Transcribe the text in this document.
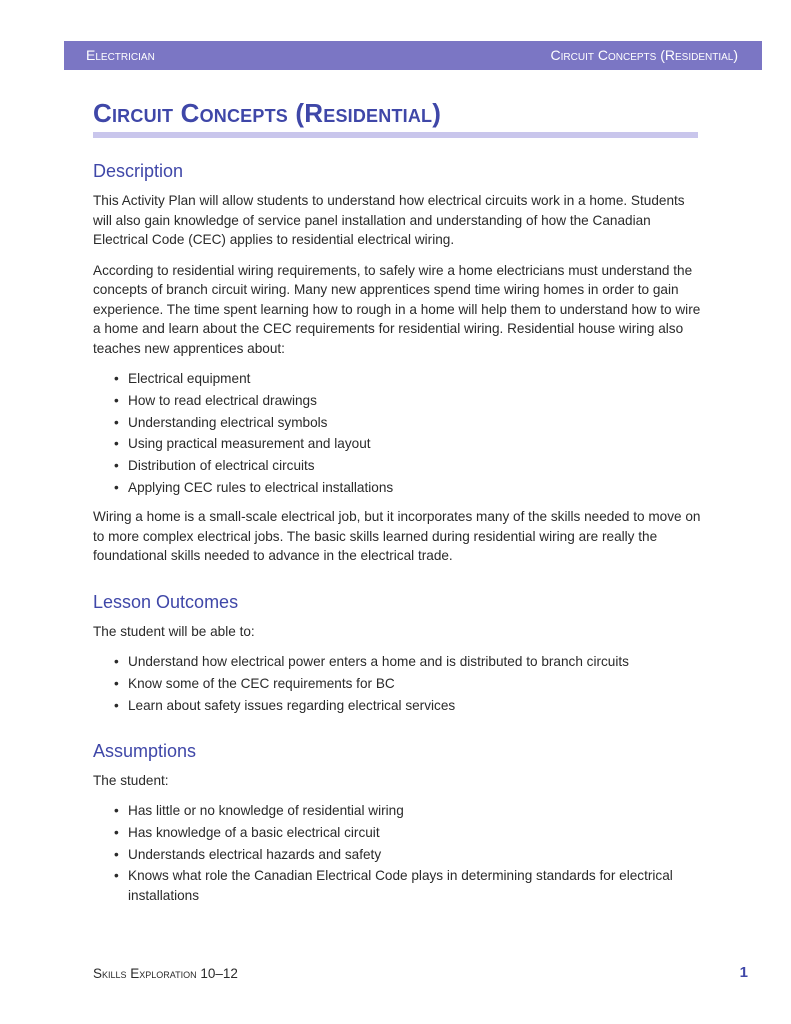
Electrician	Circuit Concepts (Residential)
Circuit Concepts (Residential)
Description

This Activity Plan will allow students to understand how electrical circuits work in a home. Students will also gain knowledge of service panel installation and understanding of how the Canadian Electrical Code (CEC) applies to residential electrical wiring.

According to residential wiring requirements, to safely wire a home electricians must understand the concepts of branch circuit wiring. Many new apprentices spend time wiring homes in order to gain experience. The time spent learning how to rough in a home will help them to understand how to wire a home and learn about the CEC requirements for residential wiring. Residential house wiring also teaches new apprentices about:

• Electrical equipment
• How to read electrical drawings
• Understanding electrical symbols
• Using practical measurement and layout
• Distribution of electrical circuits
• Applying CEC rules to electrical installations

Wiring a home is a small-scale electrical job, but it incorporates many of the skills needed to move on to more complex electrical jobs. The basic skills learned during residential wiring are really the foundational skills needed to advance in the electrical trade.

Lesson Outcomes

The student will be able to:

• Understand how electrical power enters a home and is distributed to branch circuits
• Know some of the CEC requirements for BC
• Learn about safety issues regarding electrical services
Assumptions

The student:

• Has little or no knowledge of residential wiring
• Has knowledge of a basic electrical circuit
• Understands electrical hazards and safety
• Knows what role the Canadian Electrical Code plays in determining standards for electrical installations
Skills Exploration 10–12	1
